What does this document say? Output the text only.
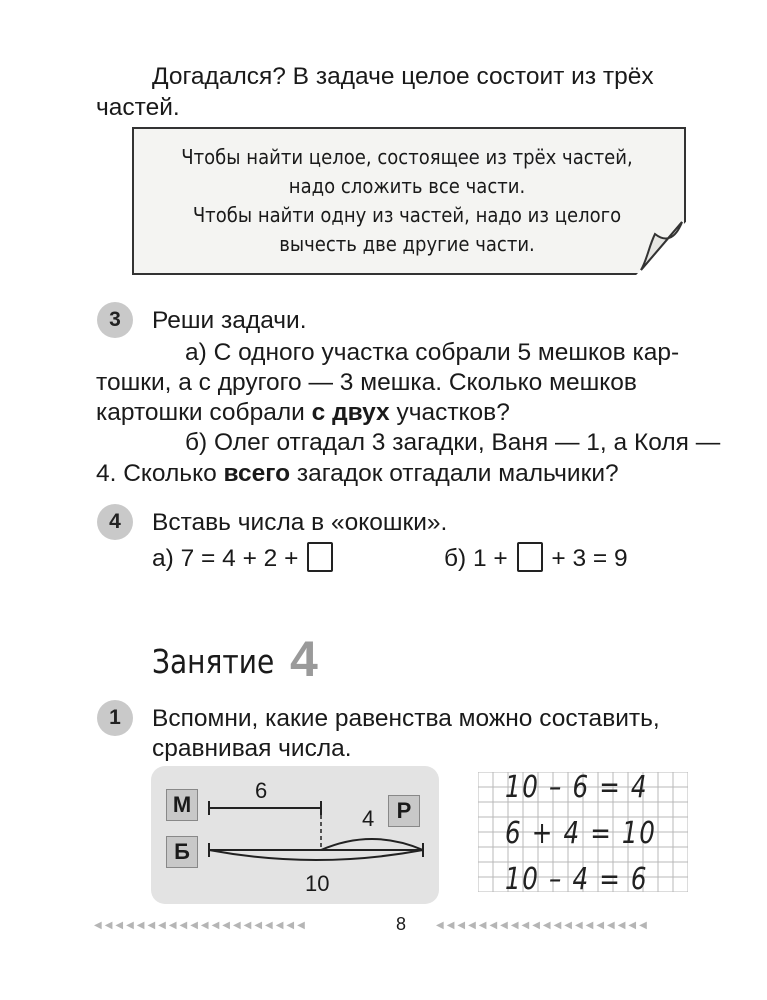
Догадался? В задаче целое состоит из трёх
частей.
Чтобы найти целое, состоящее из трёх частей,
надо сложить все части.
Чтобы найти одну из частей, надо из целого
вычесть две другие части.
3	Реши задачи.
а) С одного участка собрали 5 мешков кар-
тошки, а с другого — 3 мешка. Сколько мешков
картошки собрали с двух участков?
б) Олег отгадал 3 загадки, Ваня — 1, а Коля —
4. Сколько всего загадок отгадали мальчики?
4	Вставь числа в «окошки».
а) 7 = 4 + 2 +	б) 1 + + 3 = 9
Занятие 4
1	Вспомни, какие равенства можно составить,
сравнивая числа.
М
Б
Р
6
4
10
10 – 6 = 4
6 + 4 = 10
10 – 4 = 6
◀◀◀◀◀◀◀◀◀◀◀◀◀◀◀◀◀◀◀◀	8	◀◀◀◀◀◀◀◀◀◀◀◀◀◀◀◀◀◀◀◀
